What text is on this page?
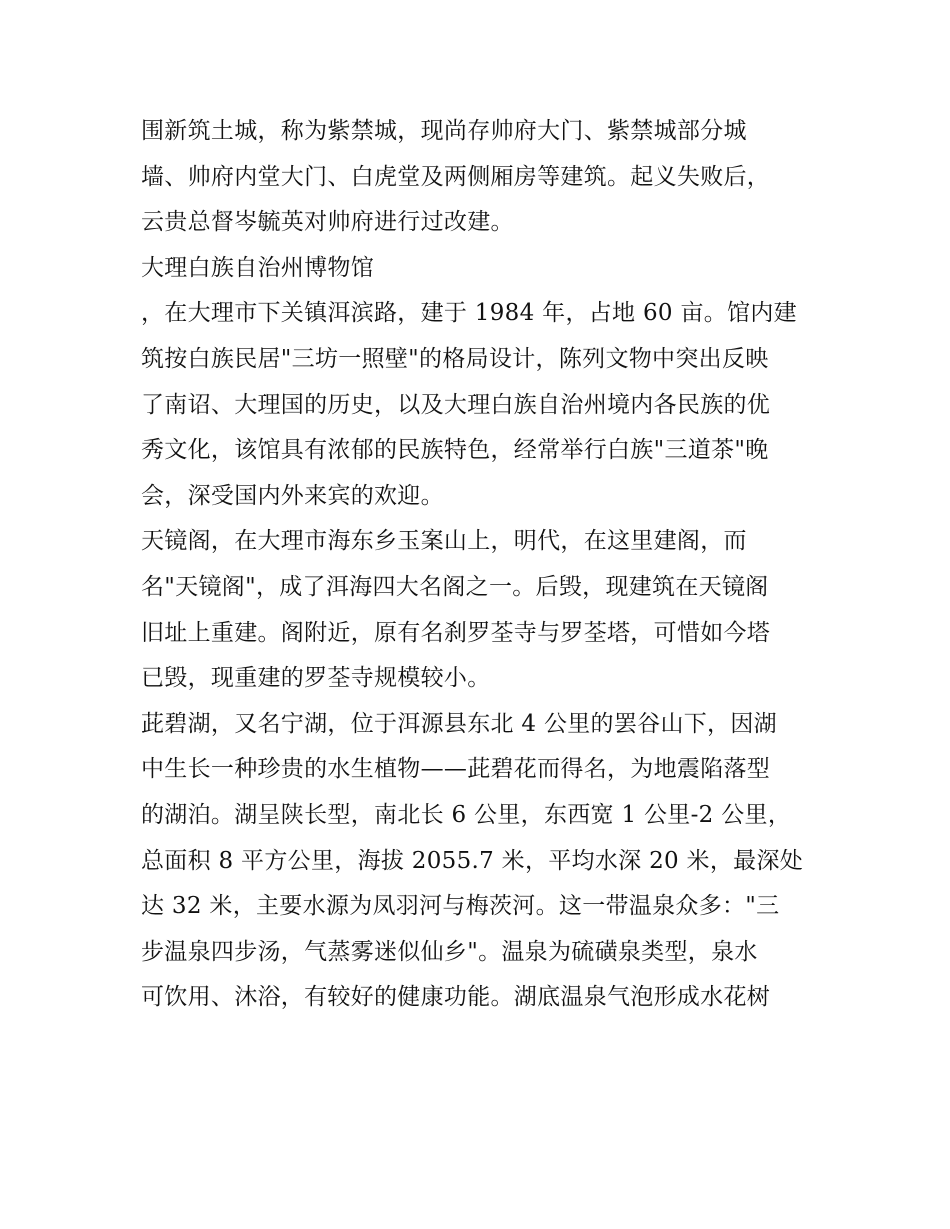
围新筑土城，称为紫禁城，现尚存帅府大门、紫禁城部分城
墙、帅府内堂大门、白虎堂及两侧厢房等建筑。起义失败后，
云贵总督岑毓英对帅府进行过改建。
大理白族自治州博物馆
，在大理市下关镇洱滨路，建于 1984 年，占地 60 亩。馆内建
筑按白族民居"三坊一照壁"的格局设计，陈列文物中突出反映
了南诏、大理国的历史，以及大理白族自治州境内各民族的优
秀文化，该馆具有浓郁的民族特色，经常举行白族"三道茶"晚
会，深受国内外来宾的欢迎。
天镜阁，在大理市海东乡玉案山上，明代，在这里建阁，而
名"天镜阁"，成了洱海四大名阁之一。后毁，现建筑在天镜阁
旧址上重建。阁附近，原有名刹罗荃寺与罗荃塔，可惜如今塔
已毁，现重建的罗荃寺规模较小。
茈碧湖，又名宁湖，位于洱源县东北 4 公里的罢谷山下，因湖
中生长一种珍贵的水生植物——茈碧花而得名，为地震陷落型
的湖泊。湖呈陕长型，南北长 6 公里，东西宽 1 公里-2 公里，
总面积 8 平方公里，海拔 2055.7 米，平均水深 20 米，最深处
达 32 米，主要水源为凤羽河与梅茨河。这一带温泉众多："三
步温泉四步汤，气蒸雾迷似仙乡"。温泉为硫磺泉类型，泉水
可饮用、沐浴，有较好的健康功能。湖底温泉气泡形成水花树
